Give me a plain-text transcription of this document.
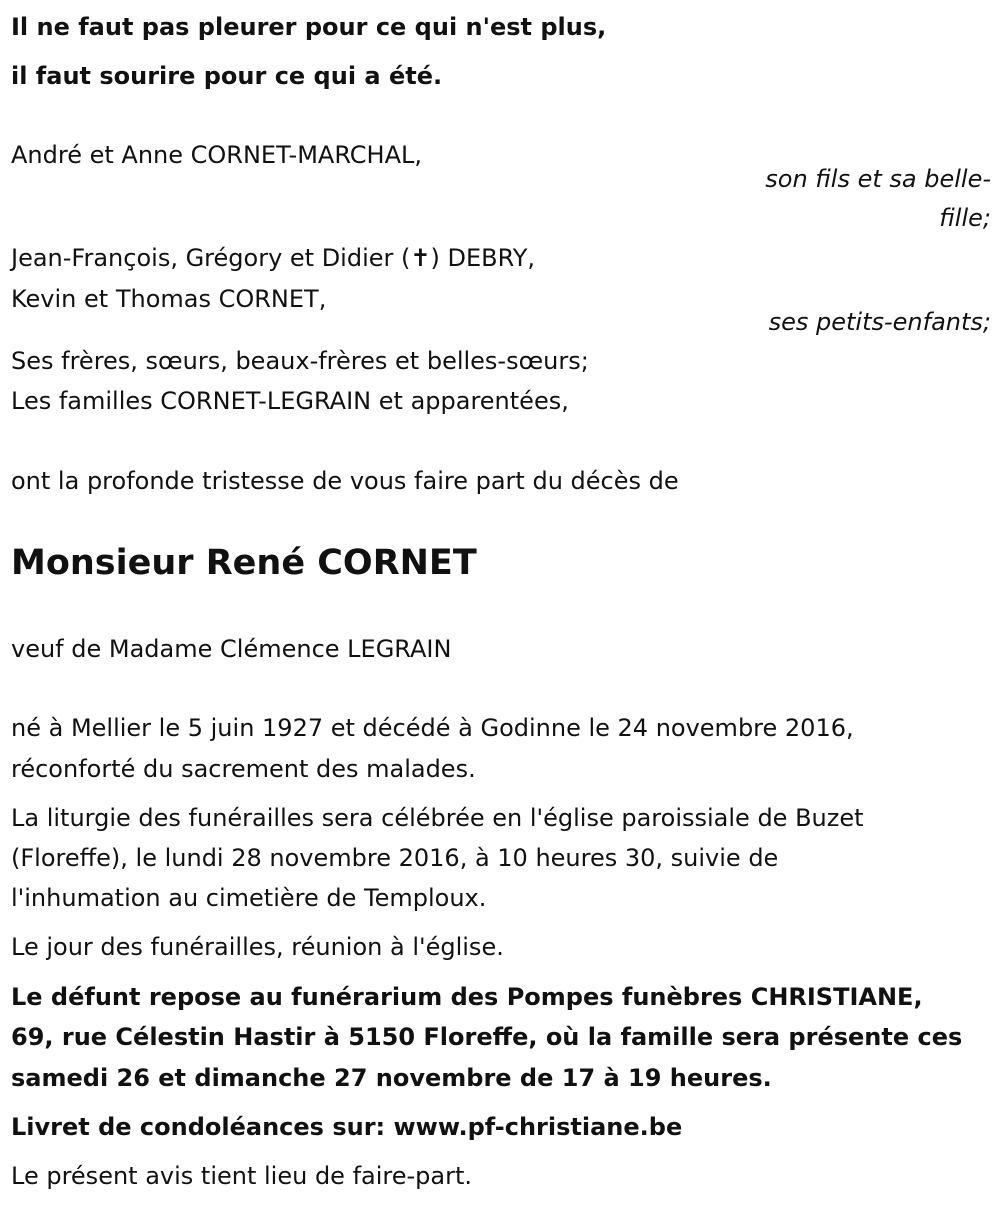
Il ne faut pas pleurer pour ce qui n'est plus,
il faut sourire pour ce qui a été.
André et Anne CORNET-MARCHAL,
son fils et sa belle-
fille;
Jean-François, Grégory et Didier (✝) DEBRY,
Kevin et Thomas CORNET,
ses petits-enfants;
Ses frères, sœurs, beaux-frères et belles-sœurs;
Les familles CORNET-LEGRAIN et apparentées,
ont la profonde tristesse de vous faire part du décès de
Monsieur René CORNET
veuf de Madame Clémence LEGRAIN
né à Mellier le 5 juin 1927 et décédé à Godinne le 24 novembre 2016,
réconforté du sacrement des malades.
La liturgie des funérailles sera célébrée en l'église paroissiale de Buzet
(Floreffe), le lundi 28 novembre 2016, à 10 heures 30, suivie de
l'inhumation au cimetière de Temploux.
Le jour des funérailles, réunion à l'église.
Le défunt repose au funérarium des Pompes funèbres CHRISTIANE,
69, rue Célestin Hastir à 5150 Floreffe, où la famille sera présente ces
samedi 26 et dimanche 27 novembre de 17 à 19 heures.
Livret de condoléances sur: www.pf-christiane.be
Le présent avis tient lieu de faire-part.
